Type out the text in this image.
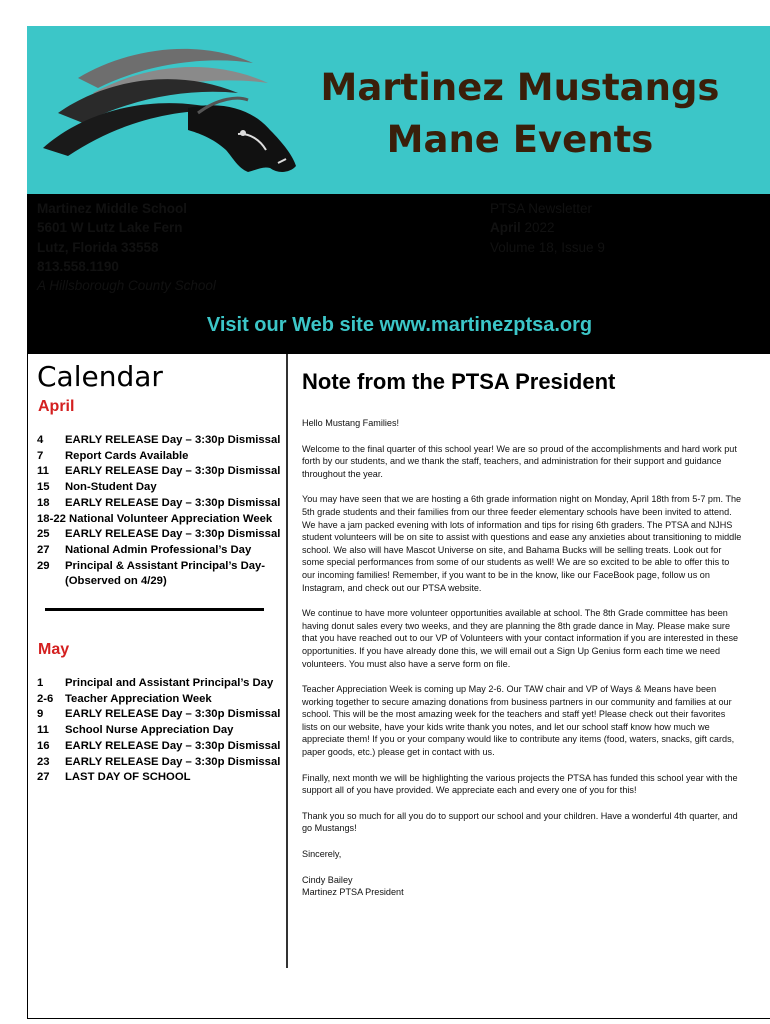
Martinez Mustangs
Mane Events
Martinez Middle School
5601 W Lutz Lake Fern
Lutz, Florida 33558
813.558.1190
A Hillsborough County School
PTSA Newsletter
April 2022
Volume 18, Issue 9
Visit our Web site www.martinezptsa.org
Calendar
April
4 EARLY RELEASE Day – 3:30p Dismissal
7 Report Cards Available
11 EARLY RELEASE Day – 3:30p Dismissal
15 Non-Student Day
18 EARLY RELEASE Day – 3:30p Dismissal
18-22 National Volunteer Appreciation Week
25 EARLY RELEASE Day – 3:30p Dismissal
27 National Admin Professional’s Day
29 Principal & Assistant Principal’s Day-
(Observed on 4/29)
May
1 Principal and Assistant Principal’s Day
2-6 Teacher Appreciation Week
9 EARLY RELEASE Day – 3:30p Dismissal
11 School Nurse Appreciation Day
16 EARLY RELEASE Day – 3:30p Dismissal
23 EARLY RELEASE Day – 3:30p Dismissal
27 LAST DAY OF SCHOOL
Note from the PTSA President

Hello Mustang Families!

Welcome to the final quarter of this school year! We are so proud of the accomplishments and hard work put forth by our students, and we thank the staff, teachers, and administration for their support and guidance throughout the year.

You may have seen that we are hosting a 6th grade information night on Monday, April 18th from 5-7 pm. The 5th grade students and their families from our three feeder elementary schools have been invited to attend. We have a jam packed evening with lots of information and tips for rising 6th graders. The PTSA and NJHS student volunteers will be on site to assist with questions and ease any anxieties about transitioning to middle school. We also will have Mascot Universe on site, and Bahama Bucks will be selling treats. Look out for some special performances from some of our students as well! We are so excited to be able to offer this to our incoming families! Remember, if you want to be in the know, like our FaceBook page, follow us on Instagram, and check out our PTSA website.

We continue to have more volunteer opportunities available at school. The 8th Grade committee has been having donut sales every two weeks, and they are planning the 8th grade dance in May. Please make sure that you have reached out to our VP of Volunteers with your contact information if you are interested in these opportunities. If you have already done this, we will email out a Sign Up Genius form each time we need volunteers. You must also have a serve form on file.

Teacher Appreciation Week is coming up May 2-6. Our TAW chair and VP of Ways & Means have been working together to secure amazing donations from business partners in our community and families at our school. This will be the most amazing week for the teachers and staff yet! Please check out their favorites lists on our website, have your kids write thank you notes, and let our school staff know how much we appreciate them! If you or your company would like to contribute any items (food, waters, snacks, gift cards, paper goods, etc.) please get in contact with us.

Finally, next month we will be highlighting the various projects the PTSA has funded this school year with the support all of you have provided. We appreciate each and every one of you for this!

Thank you so much for all you do to support our school and your children. Have a wonderful 4th quarter, and go Mustangs!

Sincerely,

Cindy Bailey
Martinez PTSA President
